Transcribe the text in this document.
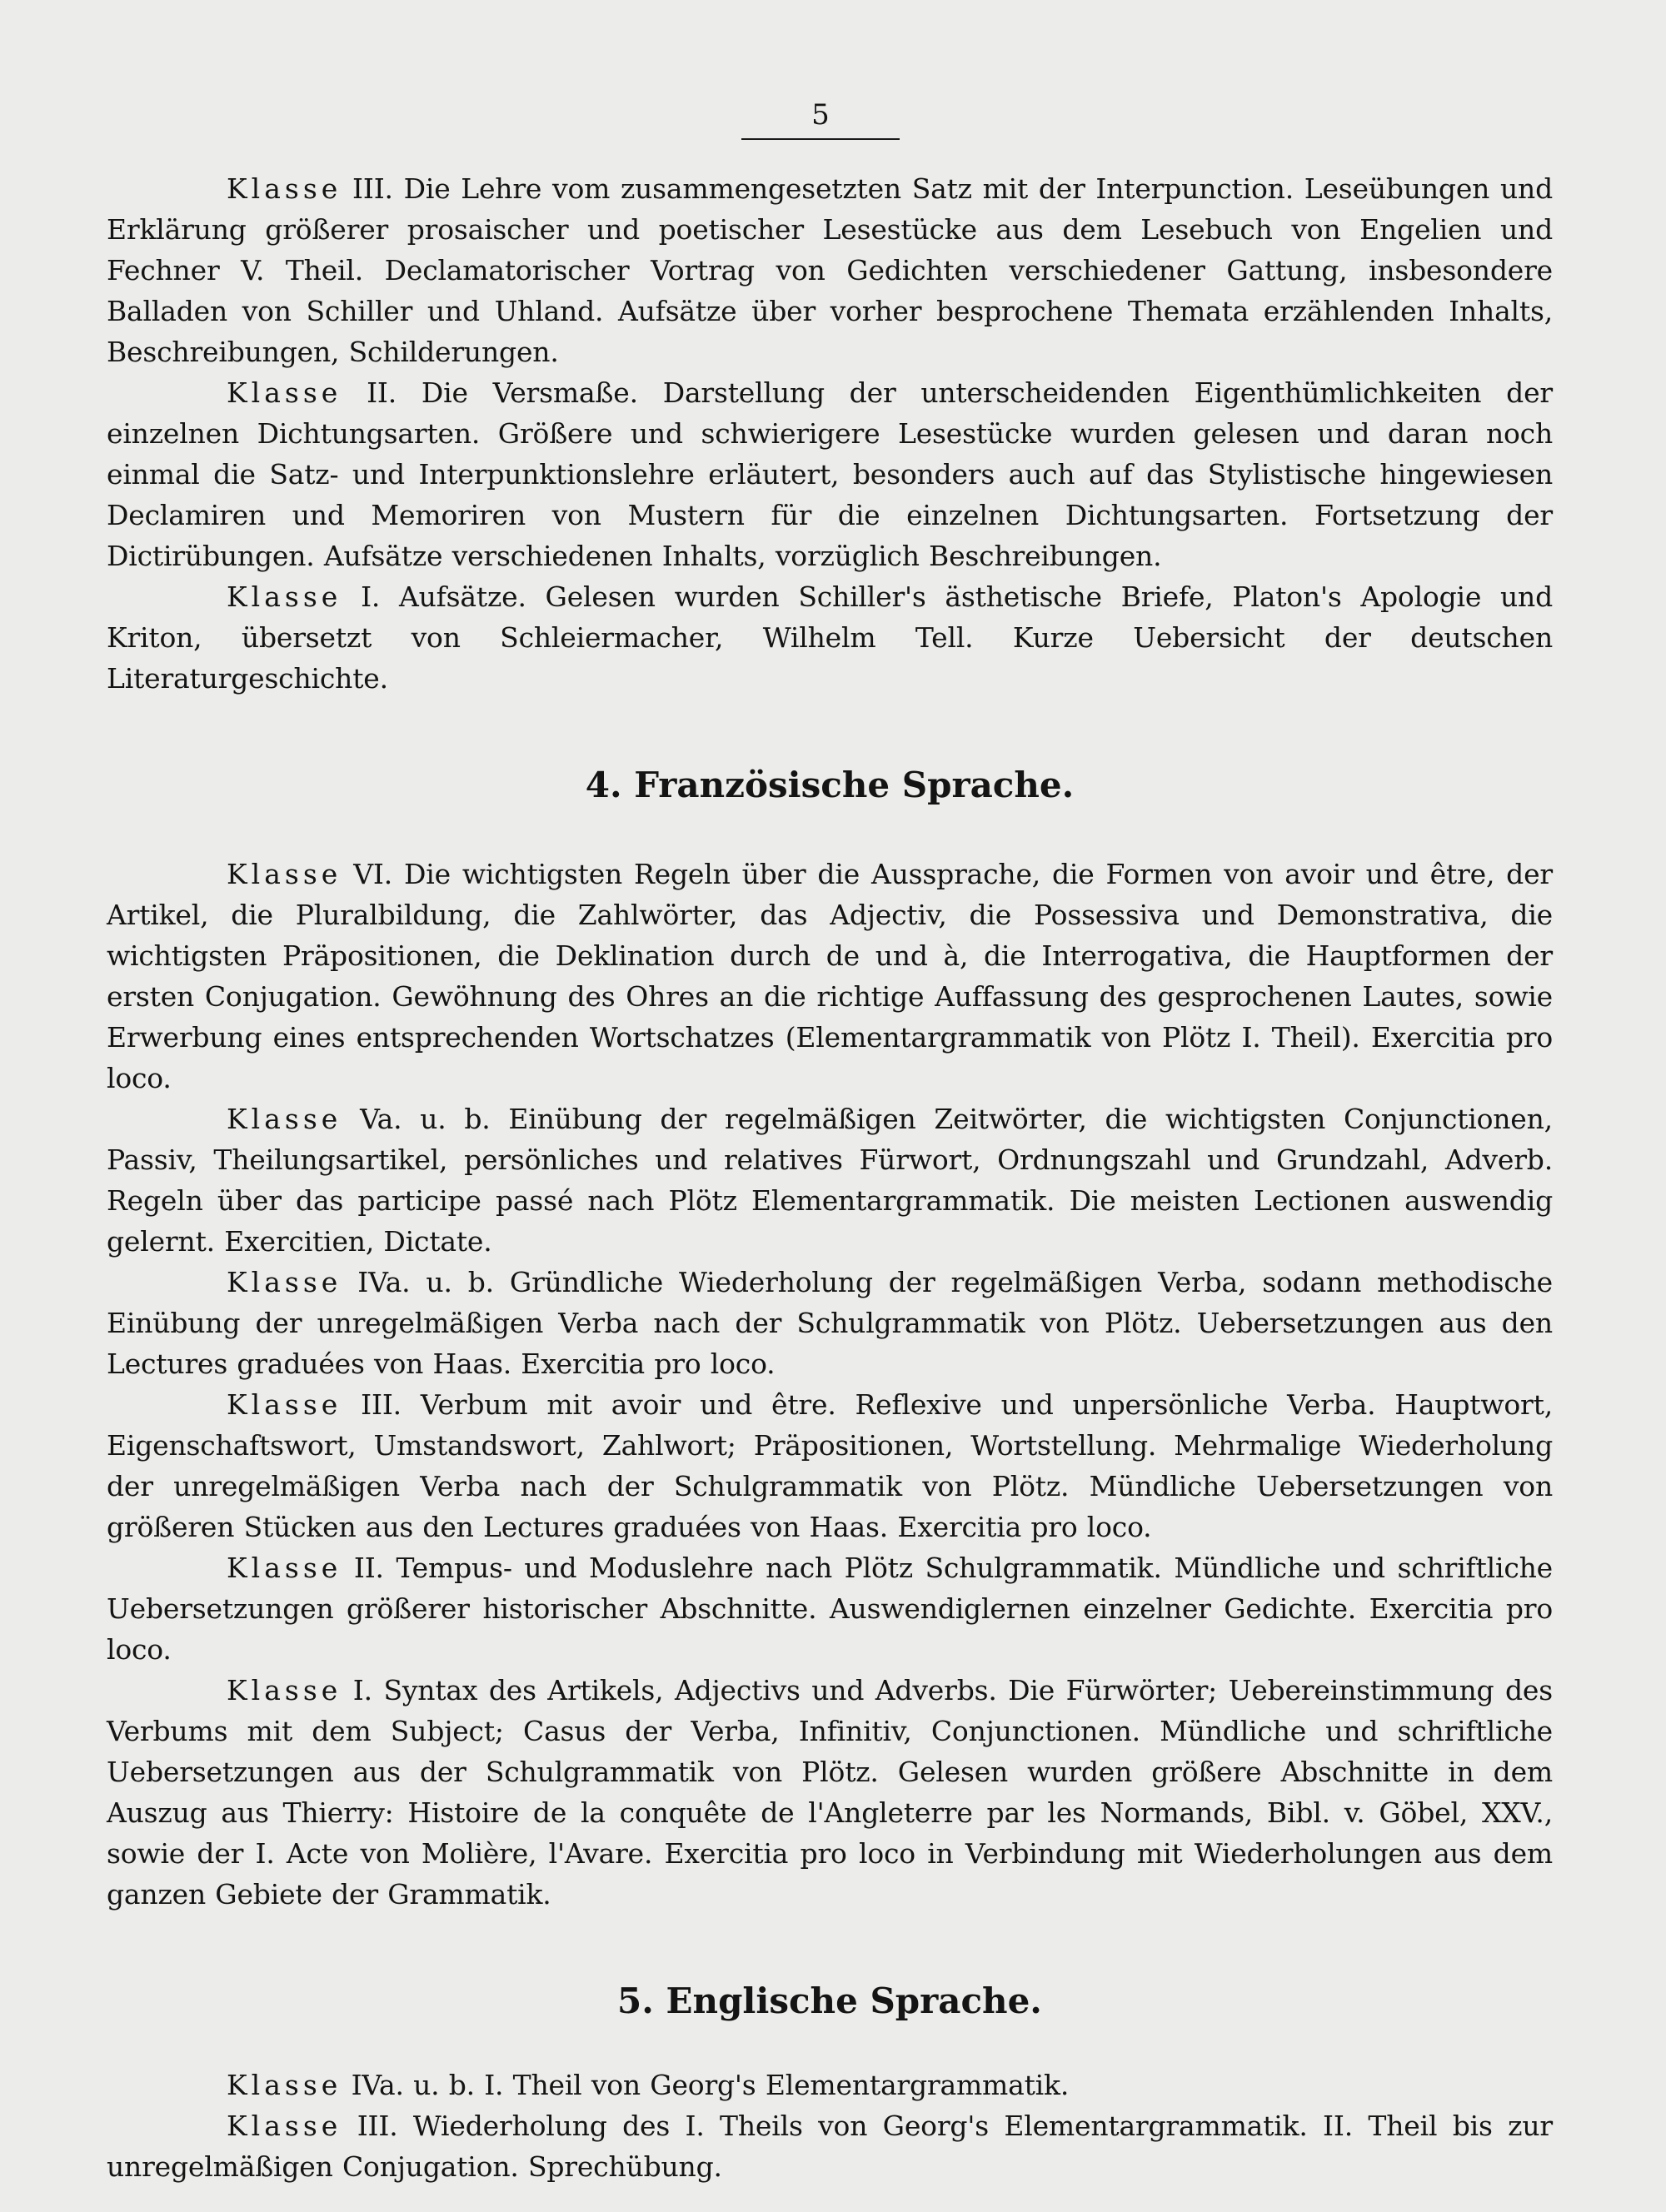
5

Klasse III. Die Lehre vom zusammengesetzten Satz mit der Interpunction. Leseübungen und Erklärung größerer prosaischer und poetischer Lesestücke aus dem Lesebuch von Engelien und Fechner V. Theil. Declamatorischer Vortrag von Gedichten verschiedener Gattung, insbesondere Balladen von Schiller und Uhland. Aufsätze über vorher besprochene Themata erzählenden Inhalts, Beschreibungen, Schilderungen.

Klasse II. Die Versmaße. Darstellung der unterscheidenden Eigenthümlichkeiten der einzelnen Dichtungsarten. Größere und schwierigere Lesestücke wurden gelesen und daran noch einmal die Satz- und Interpunktionslehre erläutert, besonders auch auf das Stylistische hingewiesen Declamiren und Memoriren von Mustern für die einzelnen Dichtungsarten. Fortsetzung der Dictirübungen. Aufsätze verschiedenen Inhalts, vorzüglich Beschreibungen.

Klasse I. Aufsätze. Gelesen wurden Schiller's ästhetische Briefe, Platon's Apologie und Kriton, übersetzt von Schleiermacher, Wilhelm Tell. Kurze Uebersicht der deutschen Literaturgeschichte.

4. Französische Sprache.

Klasse VI. Die wichtigsten Regeln über die Aussprache, die Formen von avoir und être, der Artikel, die Pluralbildung, die Zahlwörter, das Adjectiv, die Possessiva und Demonstrativa, die wichtigsten Präpositionen, die Deklination durch de und à, die Interrogativa, die Hauptformen der ersten Conjugation. Gewöhnung des Ohres an die richtige Auffassung des gesprochenen Lautes, sowie Erwerbung eines entsprechenden Wortschatzes (Elementargrammatik von Plötz I. Theil). Exercitia pro loco.

Klasse Va. u. b. Einübung der regelmäßigen Zeitwörter, die wichtigsten Conjunctionen, Passiv, Theilungsartikel, persönliches und relatives Fürwort, Ordnungszahl und Grundzahl, Adverb. Regeln über das participe passé nach Plötz Elementargrammatik. Die meisten Lectionen auswendig gelernt. Exercitien, Dictate.

Klasse IVa. u. b. Gründliche Wiederholung der regelmäßigen Verba, sodann methodische Einübung der unregelmäßigen Verba nach der Schulgrammatik von Plötz. Uebersetzungen aus den Lectures graduées von Haas. Exercitia pro loco.

Klasse III. Verbum mit avoir und être. Reflexive und unpersönliche Verba. Hauptwort, Eigenschaftswort, Umstandswort, Zahlwort; Präpositionen, Wortstellung. Mehrmalige Wiederholung der unregelmäßigen Verba nach der Schulgrammatik von Plötz. Mündliche Uebersetzungen von größeren Stücken aus den Lectures graduées von Haas. Exercitia pro loco.

Klasse II. Tempus- und Moduslehre nach Plötz Schulgrammatik. Mündliche und schriftliche Uebersetzungen größerer historischer Abschnitte. Auswendiglernen einzelner Gedichte. Exercitia pro loco.

Klasse I. Syntax des Artikels, Adjectivs und Adverbs. Die Fürwörter; Uebereinstimmung des Verbums mit dem Subject; Casus der Verba, Infinitiv, Conjunctionen. Mündliche und schriftliche Uebersetzungen aus der Schulgrammatik von Plötz. Gelesen wurden größere Abschnitte in dem Auszug aus Thierry: Histoire de la conquête de l'Angleterre par les Normands, Bibl. v. Göbel, XXV., sowie der I. Acte von Molière, l'Avare. Exercitia pro loco in Verbindung mit Wiederholungen aus dem ganzen Gebiete der Grammatik.

5. Englische Sprache.

Klasse IVa. u. b. I. Theil von Georg's Elementargrammatik.

Klasse III. Wiederholung des I. Theils von Georg's Elementargrammatik. II. Theil bis zur unregelmäßigen Conjugation. Sprechübung.
